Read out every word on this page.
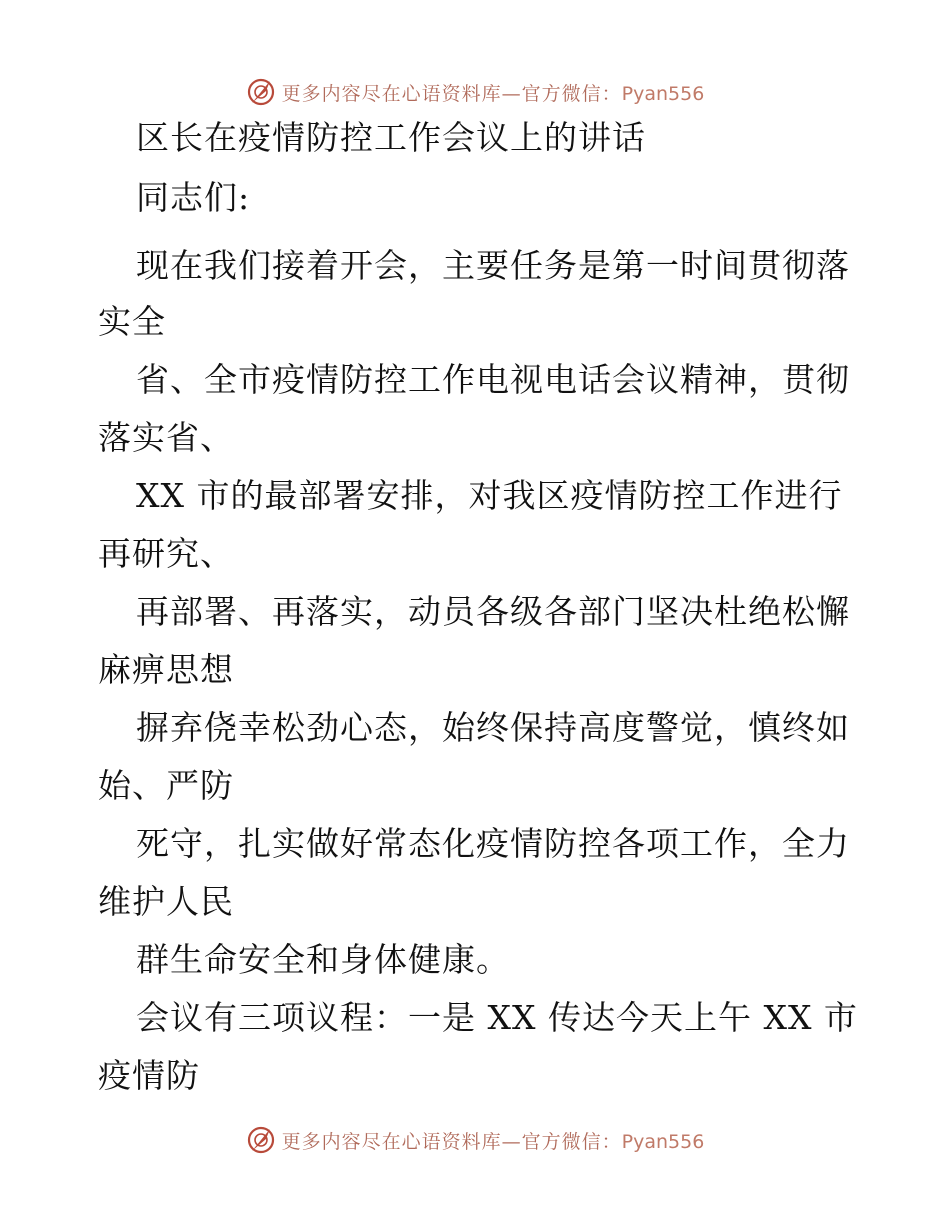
更多内容尽在心语资料库—官方微信：Pyan556
区长在疫情防控工作会议上的讲话
同志们:
现在我们接着开会，主要任务是第一时间贯彻落
实全
省、全市疫情防控工作电视电话会议精神，贯彻
落实省、
XX 市的最部署安排，对我区疫情防控工作进行
再研究、
再部署、再落实，动员各级各部门坚决杜绝松懈
麻痹思想
摒弃侥幸松劲心态，始终保持高度警觉，慎终如
始、严防
死守，扎实做好常态化疫情防控各项工作，全力
维护人民
群生命安全和身体健康。
会议有三项议程：一是 XX 传达今天上午 XX 市
疫情防
更多内容尽在心语资料库—官方微信：Pyan556
